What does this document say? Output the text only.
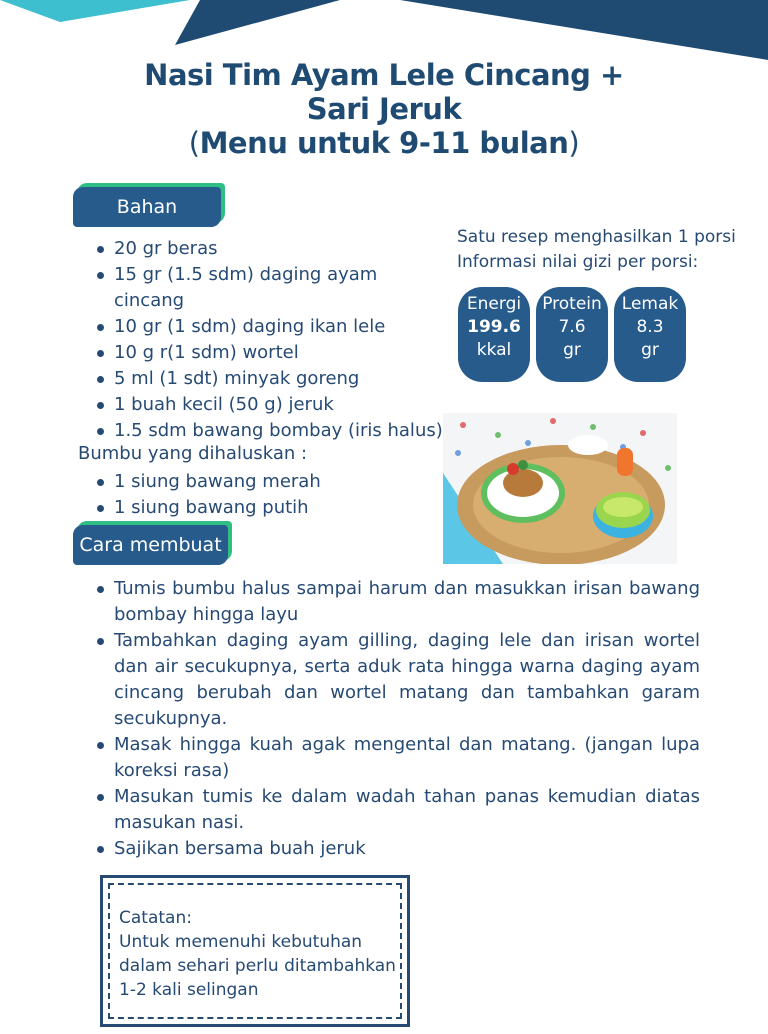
Nasi Tim Ayam Lele Cincang +
Sari Jeruk
(Menu untuk 9-11 bulan)
Bahan
20 gr beras
15 gr (1.5 sdm) daging ayam cincang
10 gr (1 sdm) daging ikan lele
10 g r(1 sdm) wortel
5 ml (1 sdt) minyak goreng
1 buah kecil (50 g) jeruk
1.5 sdm bawang bombay (iris halus)
Bumbu yang dihaluskan :
1 siung bawang merah
1 siung bawang putih
Satu resep menghasilkan 1 porsi
Informasi nilai gizi per porsi:
Energi
199.6
kkal
Protein
7.6
gr
Lemak
8.3
gr
Cara membuat
Tumis bumbu halus sampai harum dan masukkan irisan bawang bombay hingga layu
Tambahkan daging ayam gilling, daging lele dan irisan wortel dan air secukupnya, serta aduk rata hingga warna daging ayam cincang berubah dan wortel matang dan tambahkan garam secukupnya.
Masak hingga kuah agak mengental dan matang. (jangan lupa koreksi rasa)
Masukan tumis ke dalam wadah tahan panas kemudian diatas masukan nasi.
Sajikan bersama buah jeruk
Catatan:
Untuk memenuhi kebutuhan
dalam sehari perlu ditambahkan
1-2 kali selingan
